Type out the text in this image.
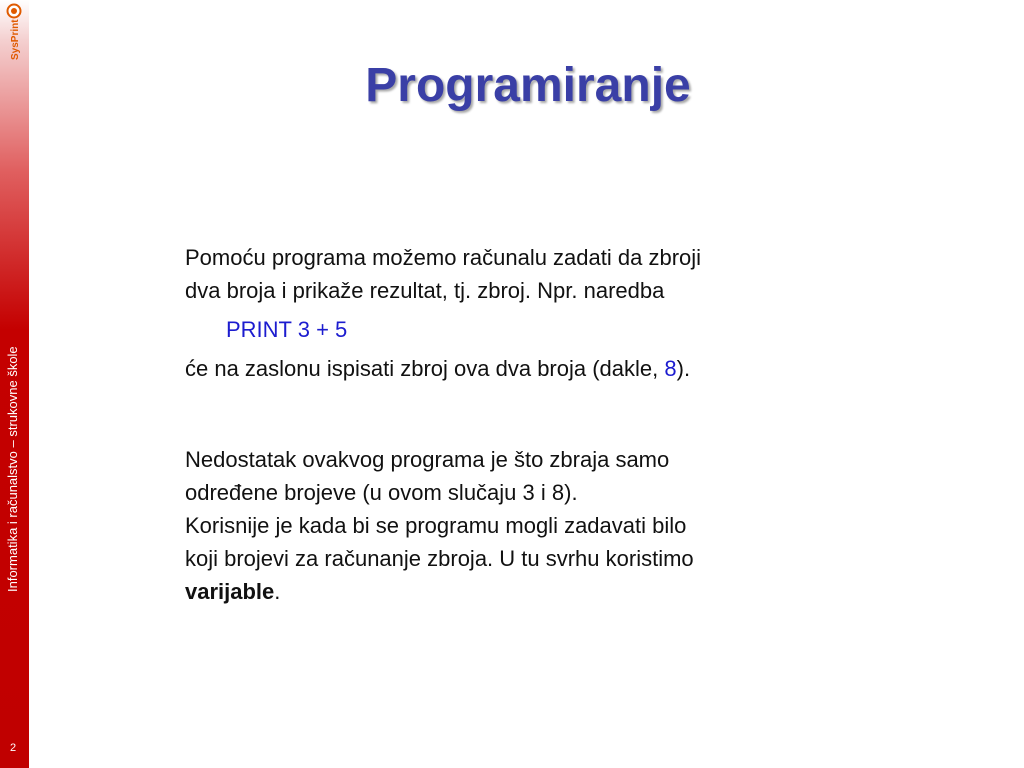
SysPrint
Informatika i računalstvo – strukovne škole
2
Programiranje

Pomoću programa možemo računalu zadati da zbroji
dva broja i prikaže rezultat, tj. zbroj. Npr. naredba

PRINT 3 + 5

će na zaslonu ispisati zbroj ova dva broja (dakle, 8).

Nedostatak ovakvog programa je što zbraja samo
određene brojeve (u ovom slučaju 3 i 8).
Korisnije je kada bi se programu mogli zadavati bilo
koji brojevi za računanje zbroja. U tu svrhu koristimo
varijable.
